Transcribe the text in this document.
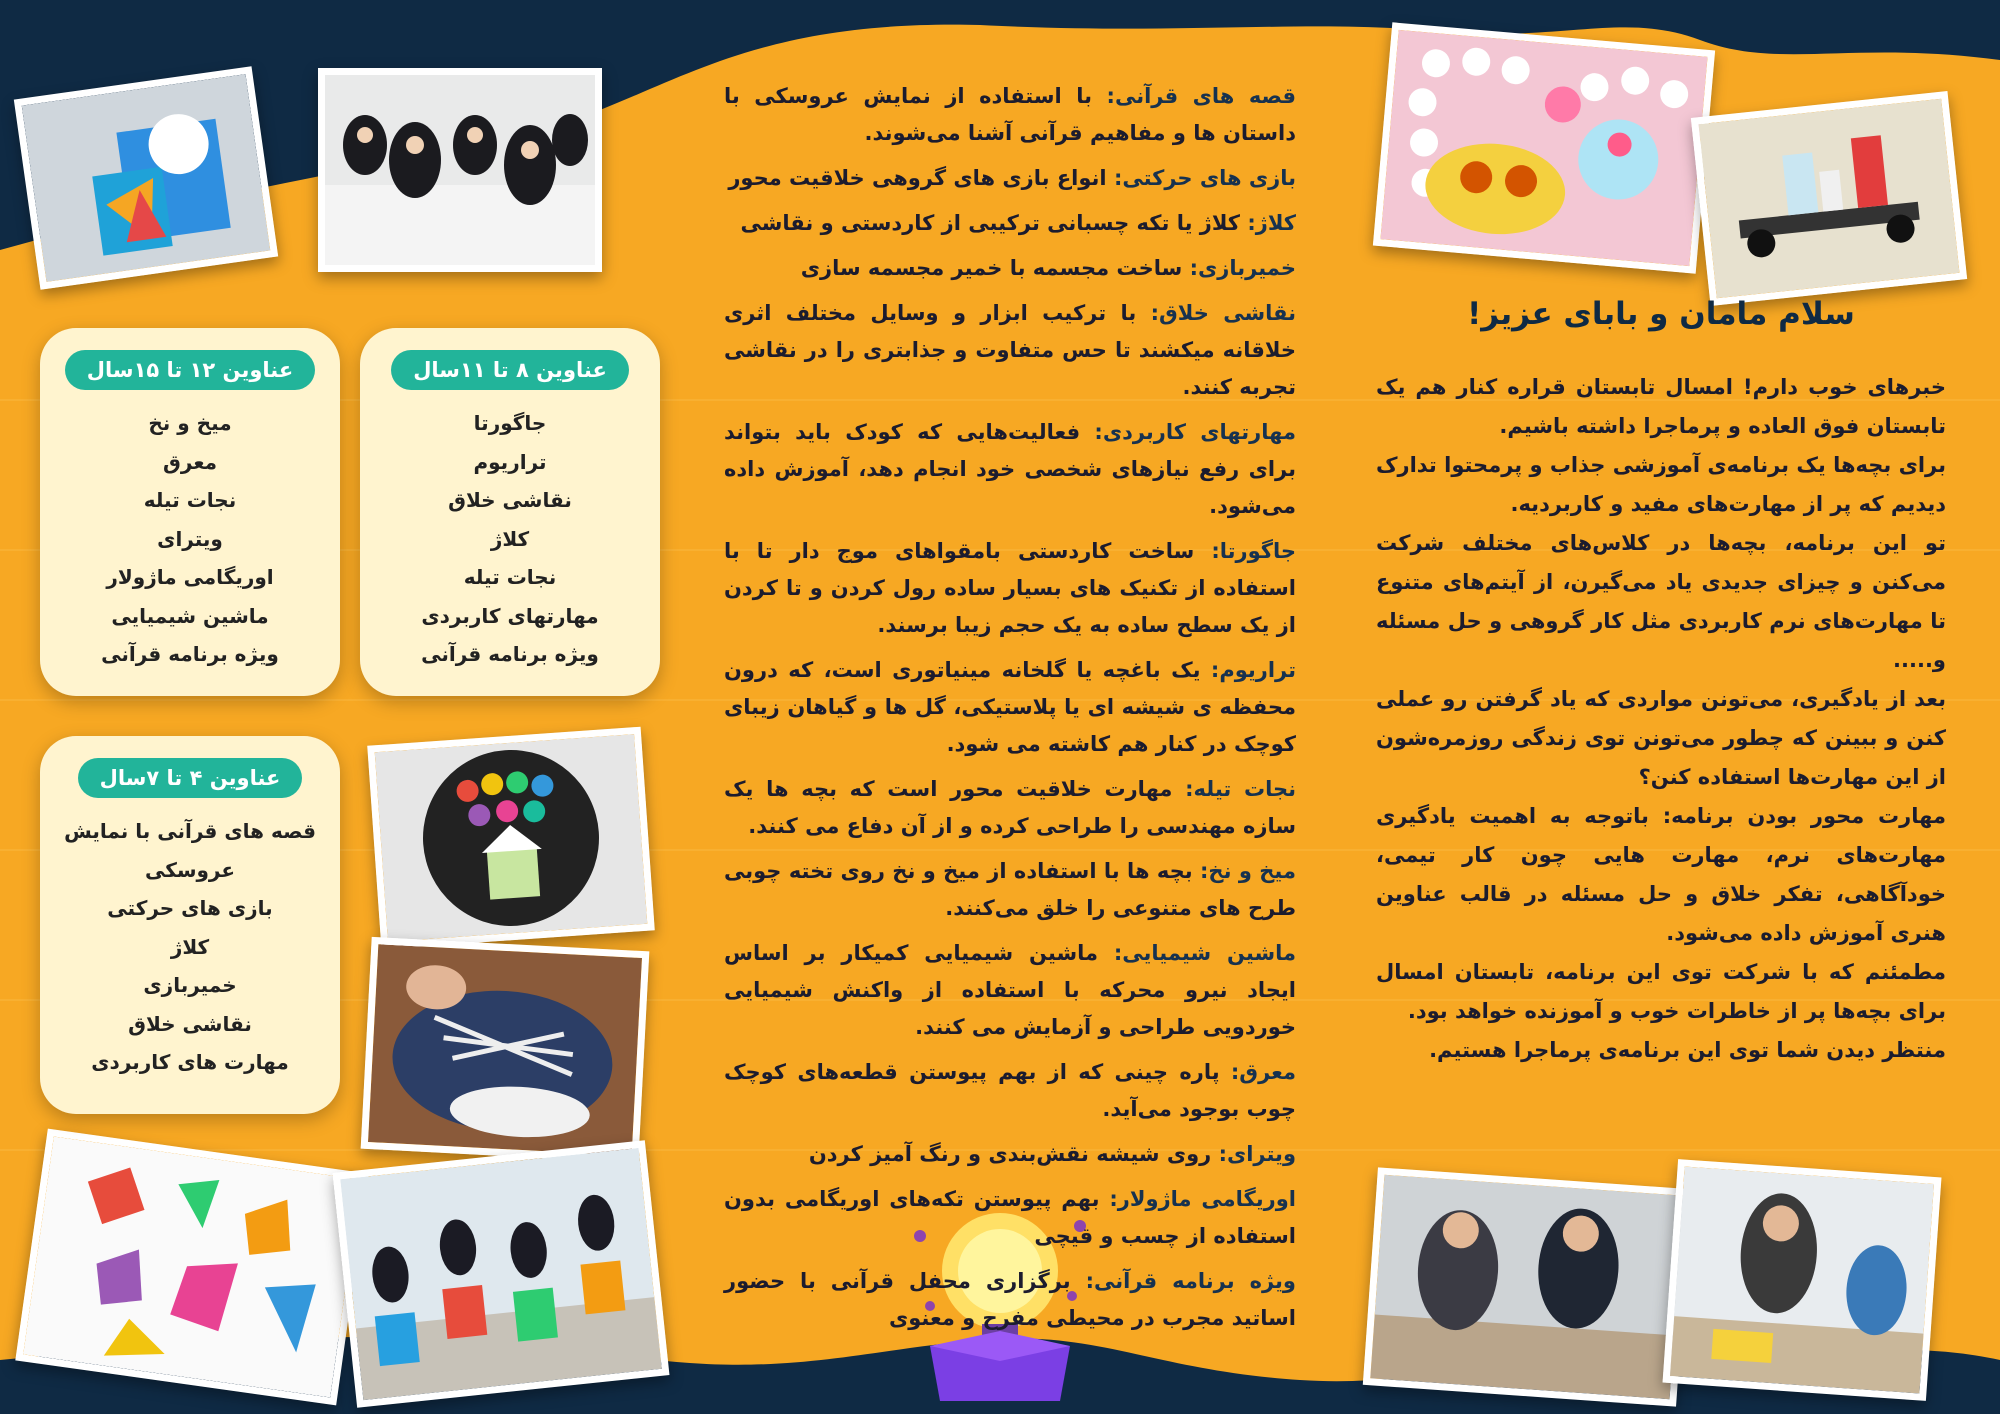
عناوین ۸ تا ۱۱سال
جاگورتا
تراریوم
نقاشی خلاق
کلاژ
نجات تیله
مهارتهای کاربردی
ویژه برنامه قرآنی
عناوین ۱۲ تا ۱۵سال
میخ و نخ
معرق
نجات تیله
ویترای
اوریگامی ماژولار
ماشین شیمیایی
ویژه برنامه قرآنی
عناوین ۴ تا ۷سال
قصه های قرآنی با نمایش
عروسکی
بازی های حرکتی
کلاژ
خمیربازی
نقاشی خلاق
مهارت های کاربردی

قصه های قرآنی: با استفاده از نمایش عروسکی با داستان ها و مفاهیم قرآنی آشنا می‌شوند.

بازی های حرکتی: انواع بازی های گروهی خلاقیت محور

کلاژ: کلاژ یا تکه چسبانی ترکیبی از کاردستی و نقاشی

خمیربازی: ساخت مجسمه با خمیر مجسمه سازی

نقاشی خلاق: با ترکیب ابزار و وسایل مختلف اثری خلاقانه میکشند تا حس متفاوت و جذابتری را در نقاشی تجربه کنند.

مهارتهای کاربردی: فعالیت‌هایی که کودک باید بتواند برای رفع نیازهای شخصی خود انجام دهد، آموزش داده می‌شود.

جاگورتا: ساخت کاردستی بامقواهای موج دار تا با استفاده از تکنیک های بسیار ساده رول کردن و تا کردن از یک سطح ساده به یک حجم زیبا برسند.

تراریوم: یک باغچه یا گلخانه مینیاتوری است، که درون محفظه ی شیشه ای یا پلاستیکی، گل ها و گیاهان زیبای کوچک در کنار هم کاشته می شود.

نجات تیله: مهارت خلاقیت محور است که بچه ها یک سازه مهندسی را طراحی کرده و از آن دفاع می کنند.

میخ و نخ: بچه ها با استفاده از میخ و نخ روی تخته چوبی طرح های متنوعی را خلق می‌کنند.

ماشین شیمیایی: ماشین شیمیایی کمیکار بر اساس ایجاد نیرو محرکه با استفاده از واکنش شیمیایی خوردویی طراحی و آزمایش می کنند.

معرق: پاره چینی که از بهم پیوستن قطعه‌های کوچک چوب بوجود می‌آید.

ویترای: روی شیشه نقش‌بندی و رنگ آمیز کردن

اوریگامی ماژولار: بهم پیوستن تکه‌های اوریگامی بدون استفاده از چسب و قیچی

ویژه برنامه قرآنی: برگزاری محفل قرآنی با حضور اساتید مجرب در محیطی مفرح و معنوی

سلام مامان و بابای عزیز!

خبرهای خوب دارم! امسال تابستان قراره کنار هم یک تابستان فوق العاده و پرماجرا داشته باشیم.

برای بچه‌ها یک برنامه‌ی آموزشی جذاب و پرمحتوا تدارک دیدیم که پر از مهارت‌های مفید و کاربردیه.

تو این برنامه، بچه‌ها در کلاس‌های مختلف شرکت می‌کنن و چیزای جدیدی یاد می‌گیرن، از آیتم‌های متنوع تا مهارت‌های نرم کاربردی مثل کار گروهی و حل مسئله و.....

بعد از یادگیری، می‌تونن مواردی که یاد گرفتن رو عملی کنن و ببینن که چطور می‌تونن توی زندگی روزمره‌شون از این مهارت‌ها استفاده کنن؟

مهارت محور بودن برنامه: باتوجه به اهمیت یادگیری مهارت‌های نرم، مهارت هایی چون کار تیمی، خودآگاهی، تفکر خلاق و حل مسئله در قالب عناوین هنری آموزش داده می‌شود.

مطمئنم که با شرکت توی این برنامه، تابستان امسال برای بچه‌ها پر از خاطرات خوب و آموزنده خواهد بود.

منتظر دیدن شما توی این برنامه‌ی پرماجرا هستیم.
